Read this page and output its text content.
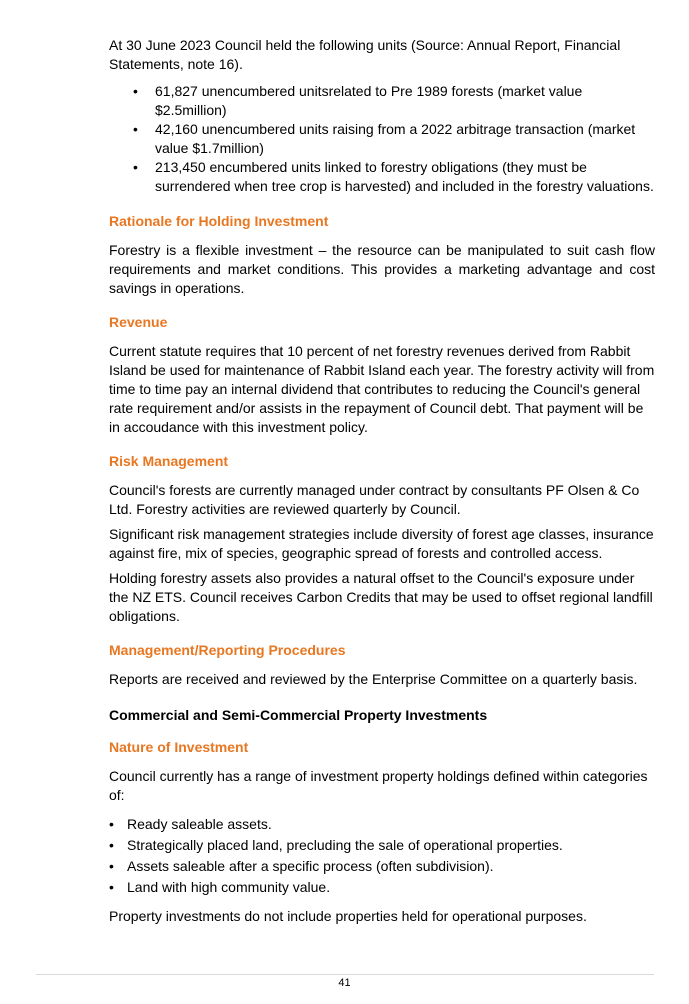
At 30 June 2023 Council held the following units (Source: Annual Report, Financial Statements, note 16).

• 61,827 unencumbered unitsrelated to Pre 1989 forests (market value $2.5million)
• 42,160 unencumbered units raising from a 2022 arbitrage transaction (market value $1.7million)
• 213,450 encumbered units linked to forestry obligations (they must be surrendered when tree crop is harvested) and included in the forestry valuations.
Rationale for Holding Investment

Forestry is a flexible investment – the resource can be manipulated to suit cash flow requirements and market conditions. This provides a marketing advantage and cost savings in operations.

Revenue

Current statute requires that 10 percent of net forestry revenues derived from Rabbit Island be used for maintenance of Rabbit Island each year. The forestry activity will from time to time pay an internal dividend that contributes to reducing the Council's general rate requirement and/or assists in the repayment of Council debt. That payment will be in accoudance with this investment policy.

Risk Management

Council's forests are currently managed under contract by consultants PF Olsen & Co Ltd. Forestry activities are reviewed quarterly by Council.

Significant risk management strategies include diversity of forest age classes, insurance against fire, mix of species, geographic spread of forests and controlled access.

Holding forestry assets also provides a natural offset to the Council's exposure under the NZ ETS. Council receives Carbon Credits that may be used to offset regional landfill obligations.

Management/Reporting Procedures

Reports are received and reviewed by the Enterprise Committee on a quarterly basis.

Commercial and Semi-Commercial Property Investments
Nature of Investment

Council currently has a range of investment property holdings defined within categories of:

• Ready saleable assets.
• Strategically placed land, precluding the sale of operational properties.
• Assets saleable after a specific process (often subdivision).
• Land with high community value.

Property investments do not include properties held for operational purposes.

41
